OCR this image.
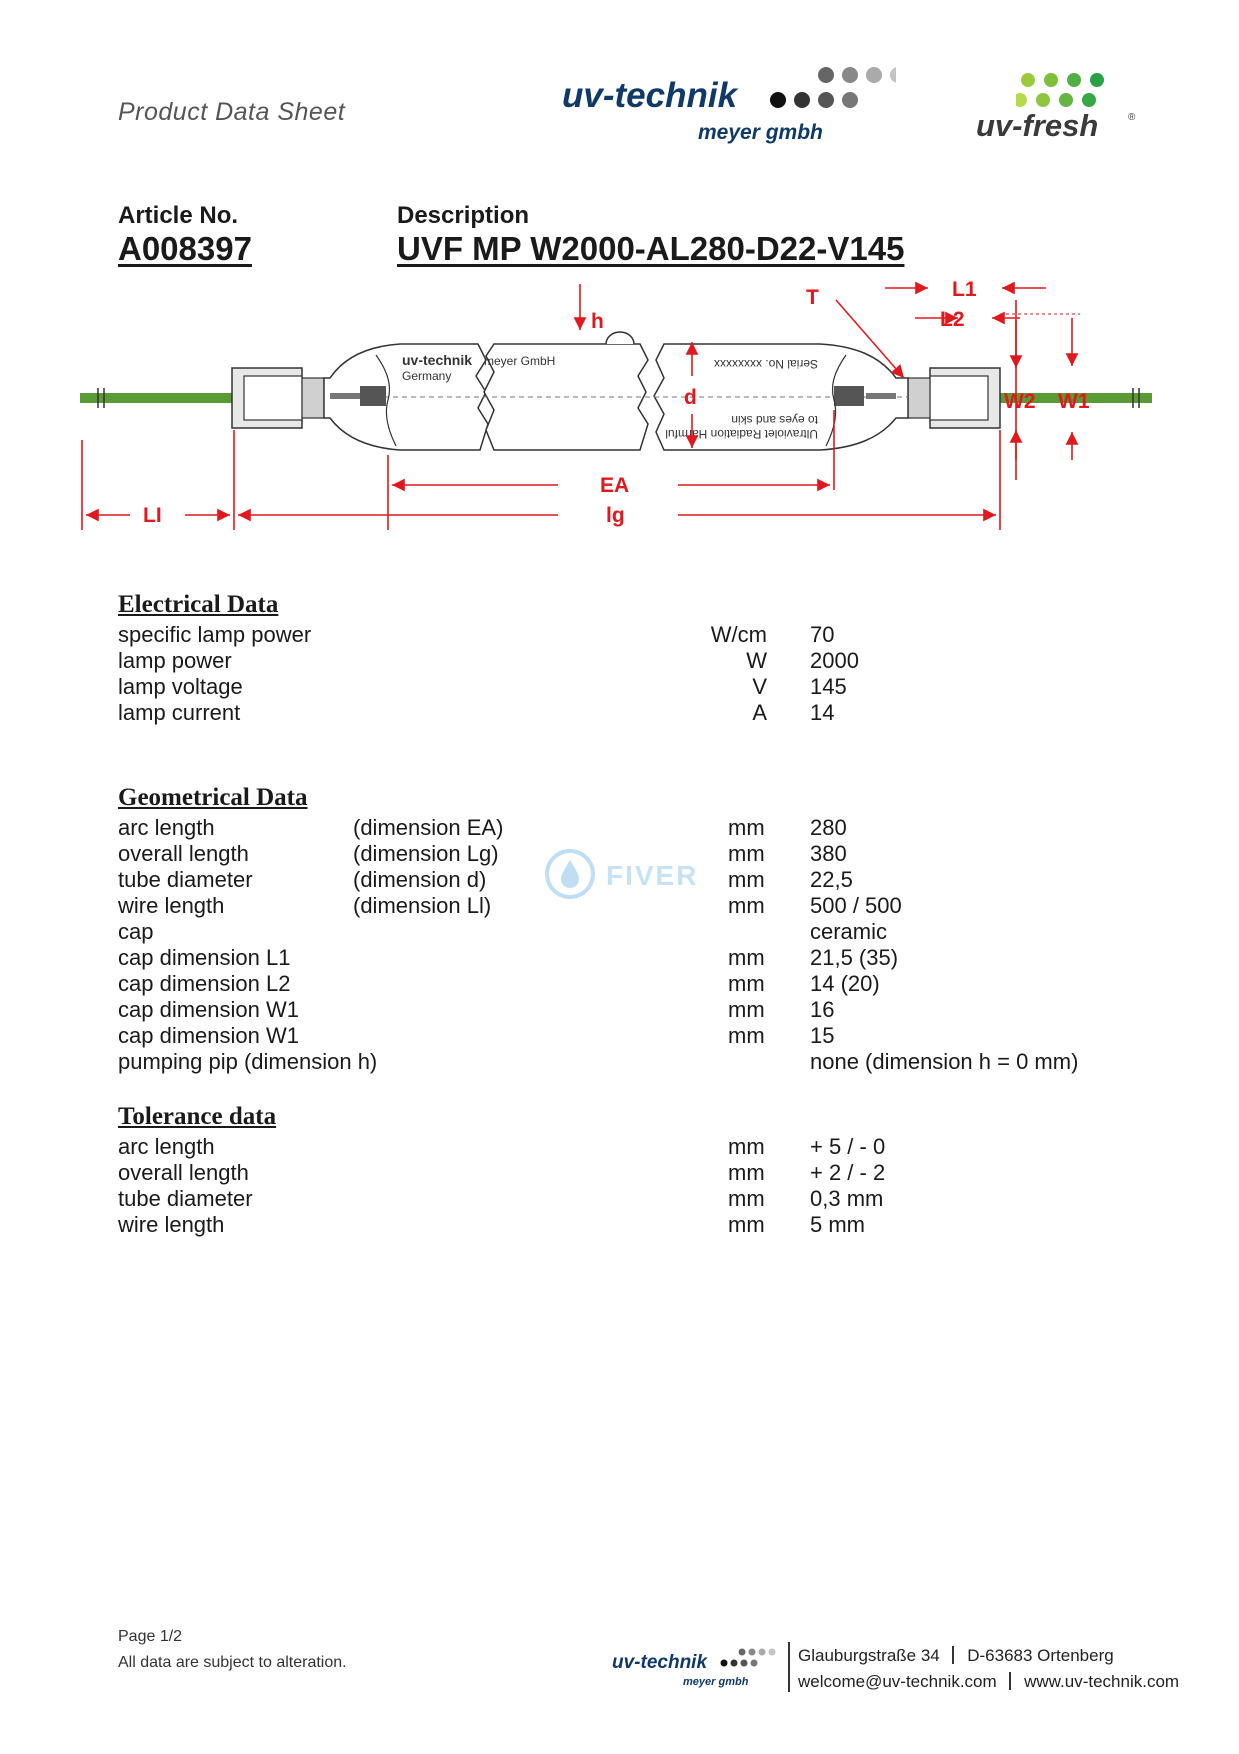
Product Data Sheet	uv-technik
meyer gmbh	uv-fresh	®
Article No.
A008397
Description
UVF MP W2000-AL280-D22-V145
uv-technik meyer GmbH
Germany
Serial No. xxxxxxxx
Ultraviolet Radiation Harmful
to eyes and skin
h
T	L1
L2
d	W2 W1
EA
lg
LI
Electrical Data
specific lamp power	W/cm 70
lamp power	W 2000
lamp voltage	V 145
lamp current	A 14
Geometrical Data
arc length	(dimension EA)	mm 280
overall length	(dimension Lg)	mm 380
tube diameter	(dimension d)	mm 22,5
wire length	(dimension Ll)	mm 500 / 500
cap	ceramic
cap dimension L1	mm 21,5 (35)
cap dimension L2	mm 14 (20)
cap dimension W1	mm 16
cap dimension W1	mm 15
pumping pip (dimension h)	none (dimension h = 0 mm)
FIVER
Tolerance data
arc length	mm + 5 / - 0
overall length	mm + 2 / - 2
tube diameter	mm 0,3 mm
wire length	mm 5 mm
Page 1/2
All data are subject to alteration.	uv-technik
meyer gmbh
Glauburgstraße 34 D-63683 Ortenberg
welcome@uv-technik.com www.uv-technik.com
